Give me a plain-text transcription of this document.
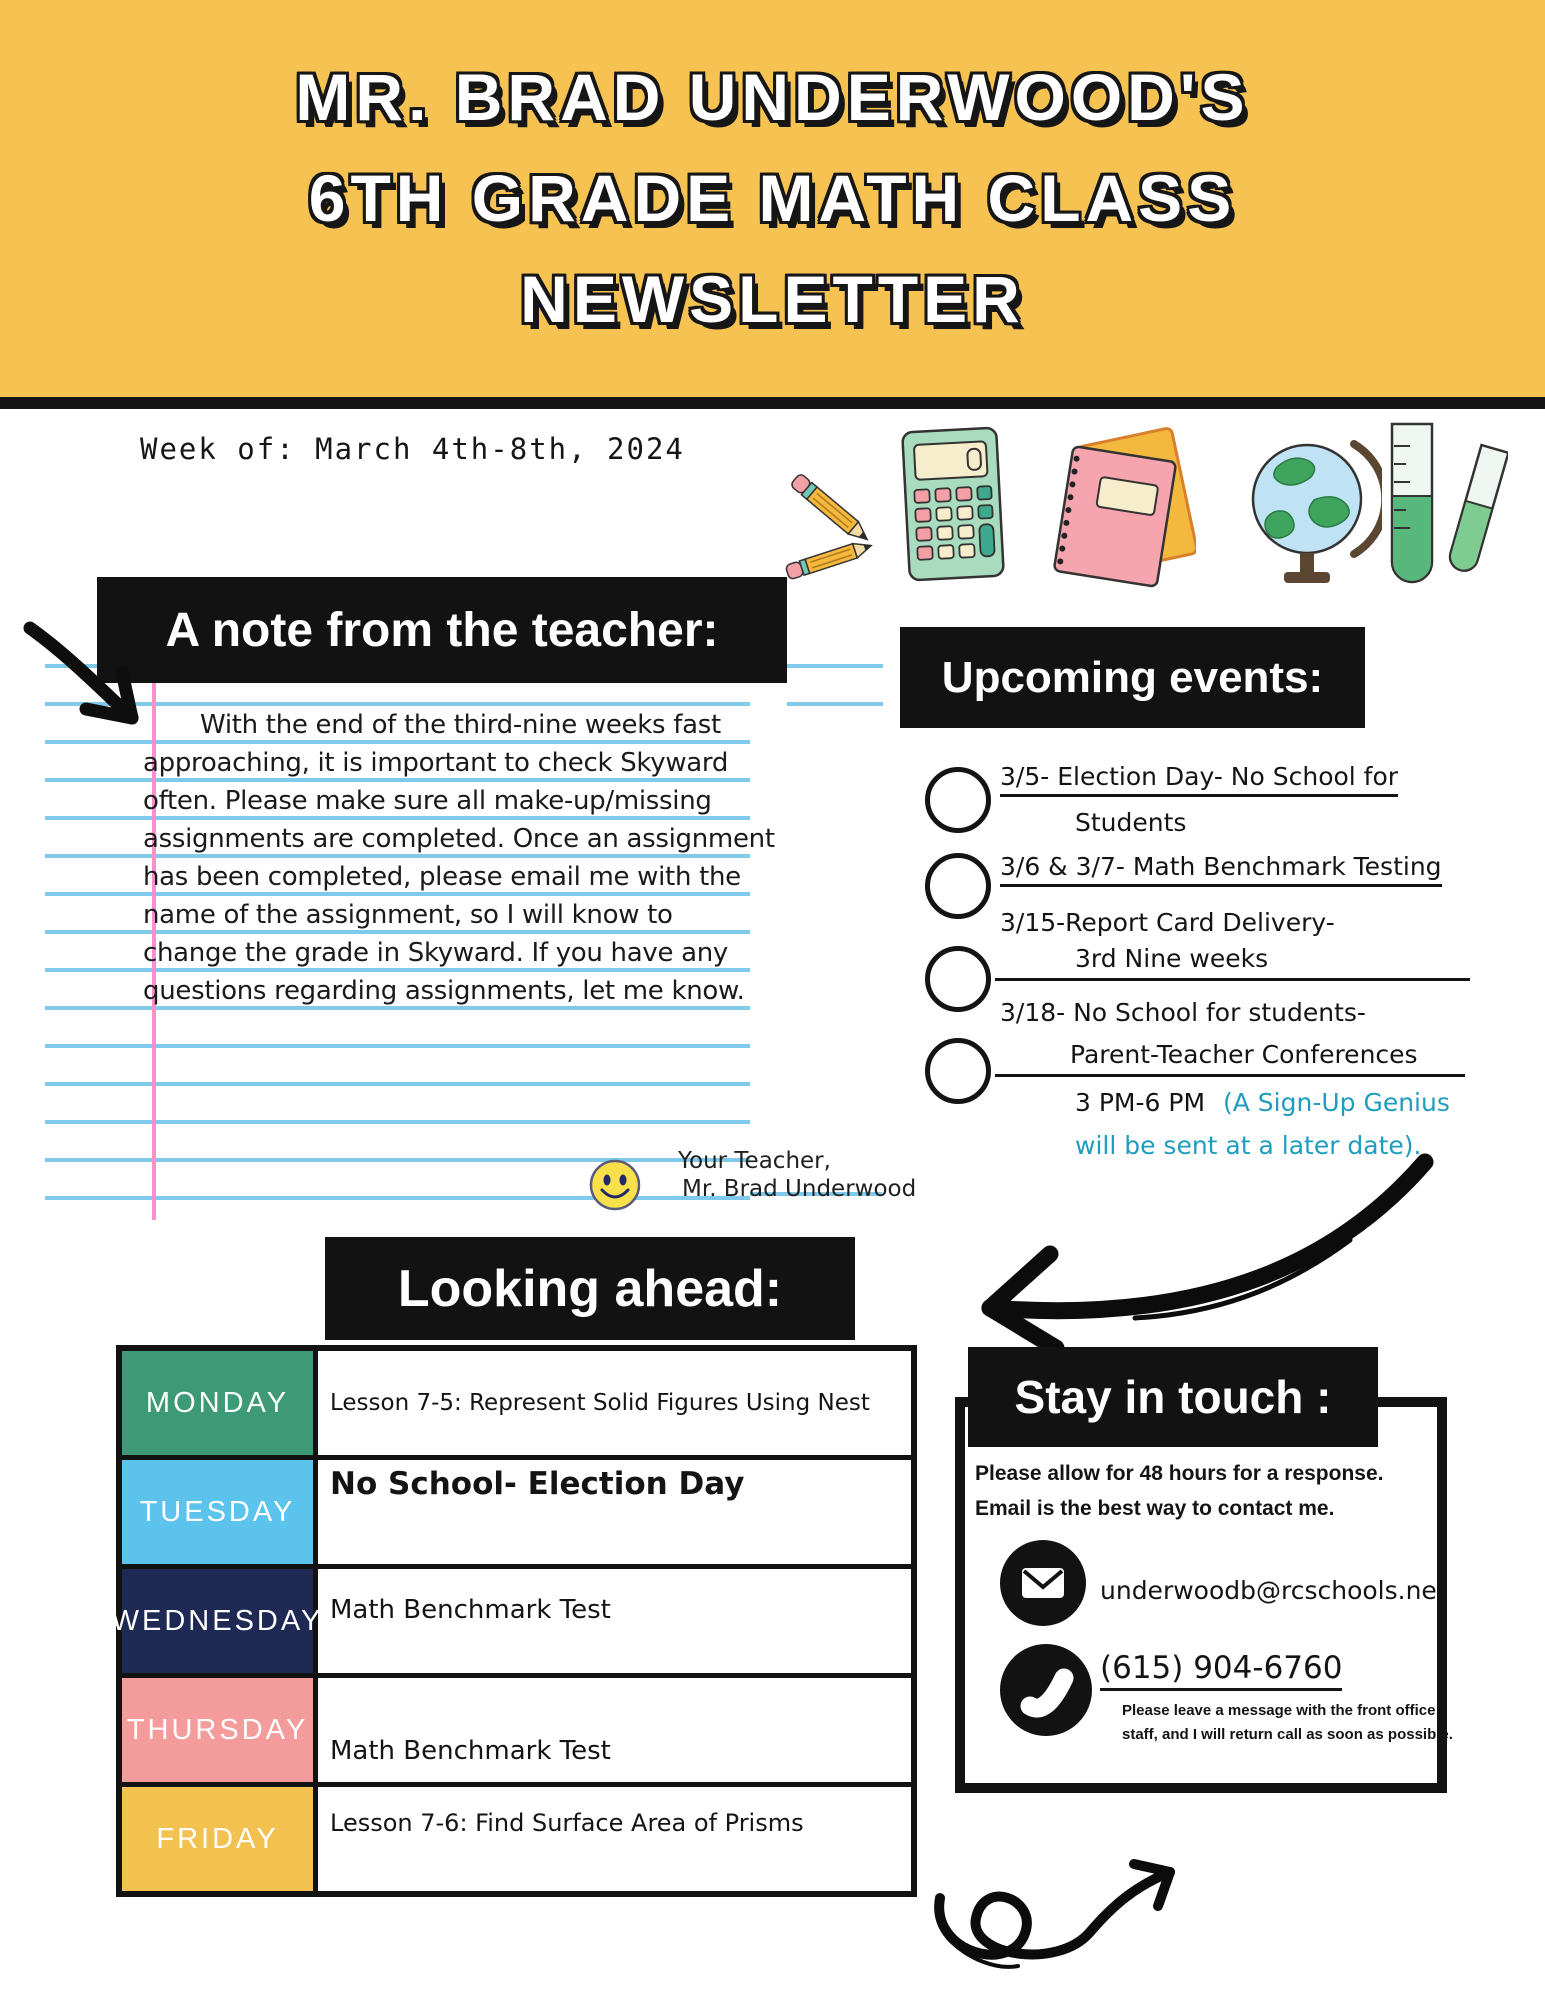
MR. BRAD UNDERWOOD'S
6TH GRADE MATH CLASS
NEWSLETTER
Week of: March 4th-8th, 2024
A note from the teacher:
With the end of the third-nine weeks fast
approaching, it is important to check Skyward
often. Please make sure all make-up/missing
assignments are completed. Once an assignment
has been completed, please email me with the
name of the assignment, so I will know to
change the grade in Skyward. If you have any
questions regarding assignments, let me know.
Your Teacher,
Mr. Brad Underwood
Upcoming events:
3/5- Election Day- No School for
Students
3/6 & 3/7- Math Benchmark Testing
3/15-Report Card Delivery-
3rd Nine weeks
3/18- No School for students-
Parent-Teacher Conferences
3 PM-6 PM (A Sign-Up Genius
will be sent at a later date).
Looking ahead:
MONDAY	Lesson 7-5: Represent Solid Figures Using Nest
TUESDAY
No School- Election Day
WEDNESDAY Math Benchmark Test
THURSDAY
Math Benchmark Test
FRIDAY	Lesson 7-6: Find Surface Area of Prisms
Stay in touch :
Please allow for 48 hours for a response.
Email is the best way to contact me.
underwoodb@rcschools.net
(615) 904-6760
Please leave a message with the front office
staff, and I will return call as soon as possible.
